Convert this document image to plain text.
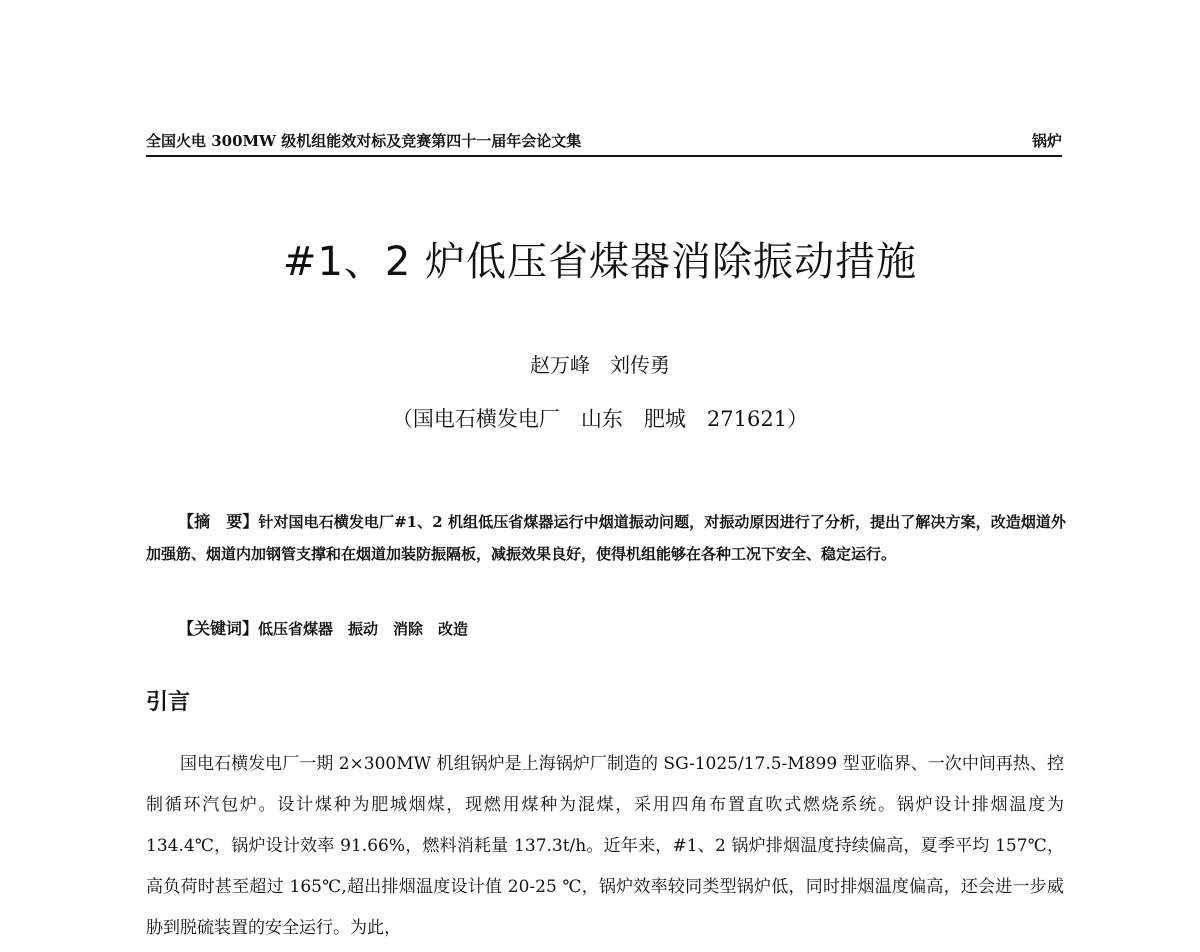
全国火电 300MW 级机组能效对标及竞赛第四十一届年会论文集	锅炉
#1、2 炉低压省煤器消除振动措施
赵万峰　刘传勇
（国电石横发电厂　山东　肥城　271621）
【摘　要】针对国电石横发电厂#1、2 机组低压省煤器运行中烟道振动问题，对振动原因进行了分析，提出了解决方案，改造烟道外加强筋、烟道内加钢管支撑和在烟道加装防振隔板，减振效果良好，使得机组能够在各种工况下安全、稳定运行。
【关键词】低压省煤器　振动　消除　改造
引言
国电石横发电厂一期 2×300MW 机组锅炉是上海锅炉厂制造的 SG-1025/17.5-M899 型亚临界、一次中间再热、控制循环汽包炉。设计煤种为肥城烟煤，现燃用煤种为混煤，采用四角布置直吹式燃烧系统。锅炉设计排烟温度为 134.4℃，锅炉设计效率 91.66%，燃料消耗量 137.3t/h。近年来，#1、2 锅炉排烟温度持续偏高，夏季平均 157℃，高负荷时甚至超过 165℃,超出排烟温度设计值 20-25 ℃，锅炉效率较同类型锅炉低，同时排烟温度偏高，还会进一步威胁到脱硫装置的安全运行。为此，
